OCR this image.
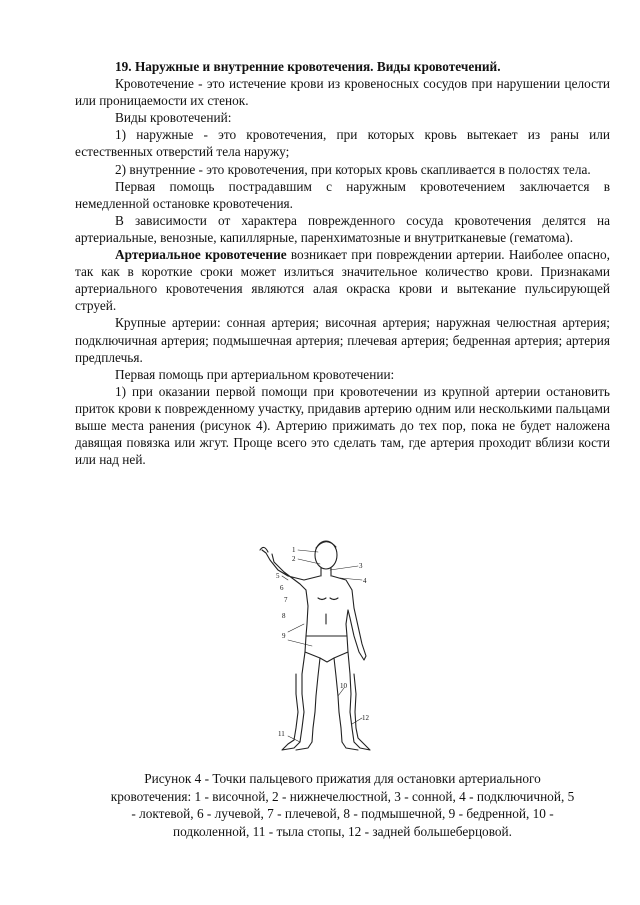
19. Наружные и внутренние кровотечения. Виды кровотечений.

Кровотечение - это истечение крови из кровеносных сосудов при нарушении целости или проницаемости их стенок.

Виды кровотечений:

1) наружные - это кровотечения, при которых кровь вытекает из раны или естественных отверстий тела наружу;

2) внутренние - это кровотечения, при которых кровь скапливается в полостях тела.

Первая помощь пострадавшим с наружным кровотечением заключается в немедленной остановке кровотечения.

В зависимости от характера поврежденного сосуда кровотечения делятся на артериальные, венозные, капиллярные, паренхиматозные и внутритканевые (гематома).

Артериальное кровотечение возникает при повреждении артерии. Наиболее опасно, так как в короткие сроки может излиться значительное количество крови. Признаками артериального кровотечения являются алая окраска крови и вытекание пульсирующей струей.

Крупные артерии: сонная артерия; височная артерия; наружная челюстная артерия; подключичная артерия; подмышечная артерия; плечевая артерия; бедренная артерия; артерия предплечья.

Первая помощь при артериальном кровотечении:

1) при оказании первой помощи при кровотечении из крупной артерии остановить приток крови к поврежденному участку, придавив артерию одним или несколькими пальцами выше места ранения (рисунок 4). Артерию прижимать до тех пор, пока не будет наложена давящая повязка или жгут. Проще всего это сделать там, где артерия проходит вблизи кости или над ней.

1
2
3
4
5
6
7
8
9
10
11
12

Рисунок 4 - Точки пальцевого прижатия для остановки артериального
кровотечения: 1 - височной, 2 - нижнечелюстной, 3 - сонной, 4 - подключичной, 5
- локтевой, 6 - лучевой, 7 - плечевой, 8 - подмышечной, 9 - бедренной, 10 -
подколенной, 11 - тыла стопы, 12 - задней большеберцовой.
